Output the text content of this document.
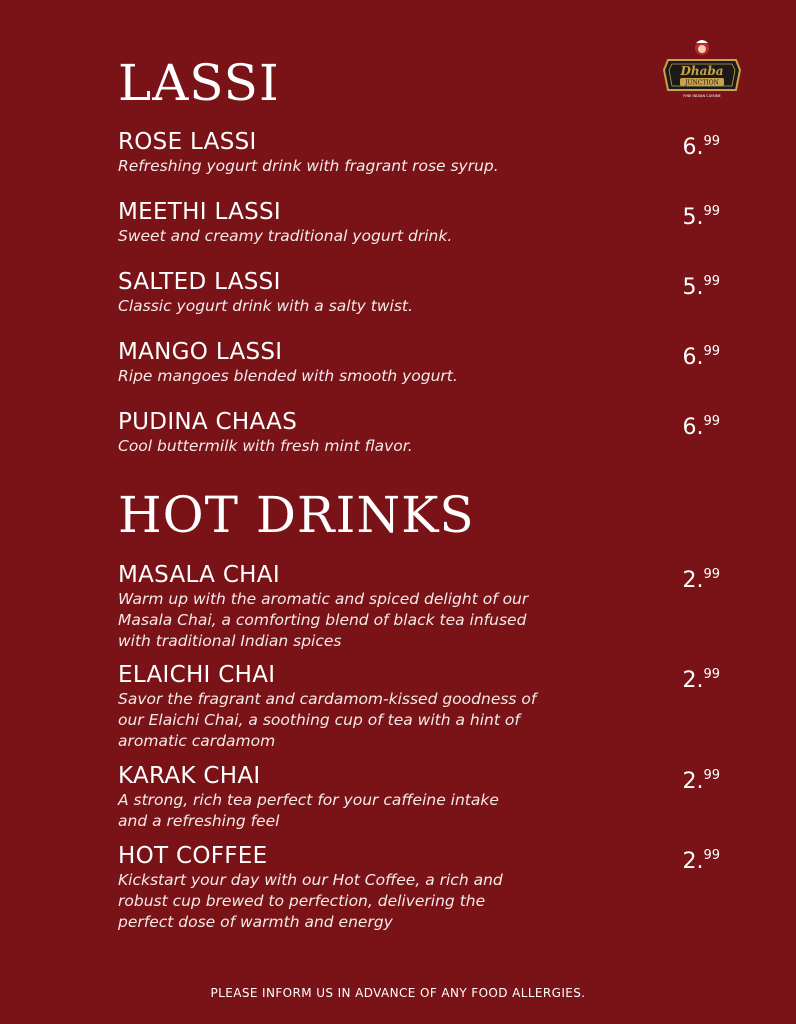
Dhaba
JUNCTION
FINE INDIAN CUISINE
LASSI
ROSE LASSI
Refreshing yogurt drink with fragrant rose syrup.
6.99
MEETHI LASSI
Sweet and creamy traditional yogurt drink.
5.99
SALTED LASSI
Classic yogurt drink with a salty twist.
5.99
MANGO LASSI
Ripe mangoes blended with smooth yogurt.
6.99
PUDINA CHAAS
Cool buttermilk with fresh mint flavor.
6.99
HOT DRINKS
MASALA CHAI
Warm up with the aromatic and spiced delight of our
Masala Chai, a comforting blend of black tea infused
with traditional Indian spices
2.99
ELAICHI CHAI
Savor the fragrant and cardamom-kissed goodness of
our Elaichi Chai, a soothing cup of tea with a hint of
aromatic cardamom
2.99
KARAK CHAI
A strong, rich tea perfect for your caffeine intake
and a refreshing feel
2.99
HOT COFFEE
Kickstart your day with our Hot Coffee, a rich and
robust cup brewed to perfection, delivering the
perfect dose of warmth and energy
2.99
PLEASE INFORM US IN ADVANCE OF ANY FOOD ALLERGIES.
